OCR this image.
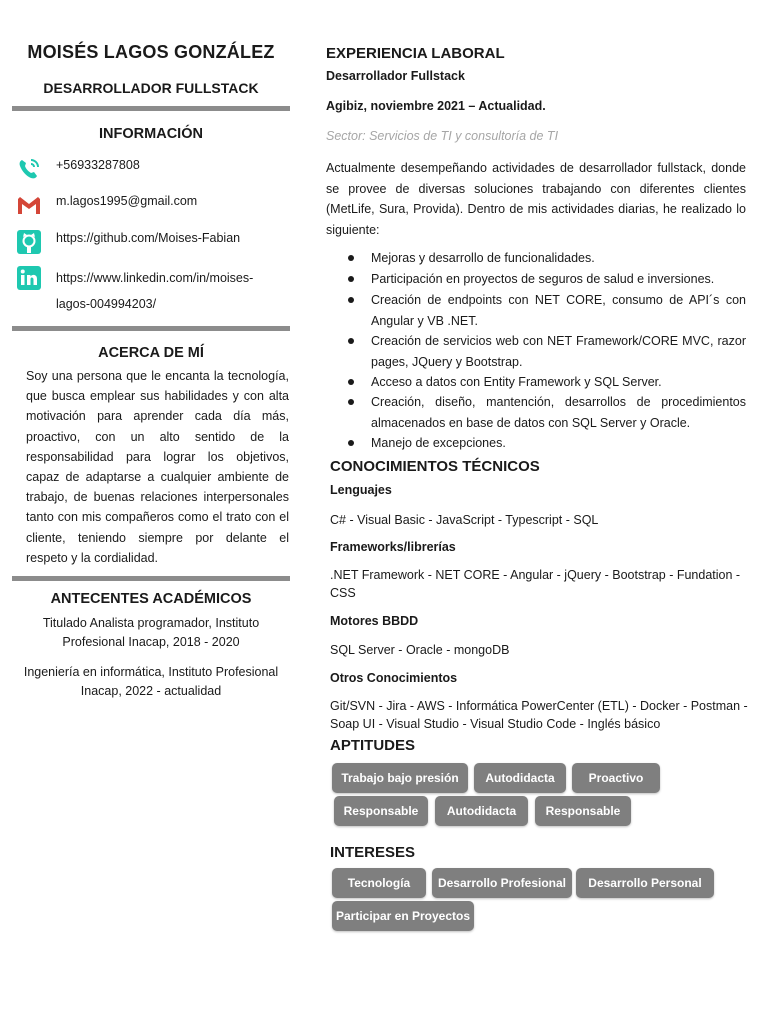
MOISÉS LAGOS GONZÁLEZ
DESARROLLADOR FULLSTACK
INFORMACIÓN
+56933287808
m.lagos1995@gmail.com
https://github.com/Moises-Fabian
https://www.linkedin.com/in/moises-
lagos-004994203/
ACERCA DE MÍ
Soy una persona que le encanta la tecnología, que busca emplear sus habilidades y con alta motivación para aprender cada día más, proactivo, con un alto sentido de la responsabilidad para lograr los objetivos, capaz de adaptarse a cualquier ambiente de trabajo, de buenas relaciones interpersonales tanto con mis compañeros como el trato con el cliente, teniendo siempre por delante el respeto y la cordialidad.
ANTECENTES ACADÉMICOS
Titulado Analista programador, Instituto
Profesional Inacap, 2018 - 2020
Ingeniería en informática, Instituto Profesional
Inacap, 2022 - actualidad
EXPERIENCIA LABORAL
Desarrollador Fullstack
Agibiz, noviembre 2021 – Actualidad.
Sector: Servicios de TI y consultoría de TI
Actualmente desempeñando actividades de desarrollador fullstack, donde se provee de diversas soluciones trabajando con diferentes clientes (MetLife, Sura, Provida). Dentro de mis actividades diarias, he realizado lo siguiente:
Mejoras y desarrollo de funcionalidades.
Participación en proyectos de seguros de salud e inversiones.
Creación de endpoints con NET CORE, consumo de API´s con Angular y VB .NET.
Creación de servicios web con NET Framework/CORE MVC, razor pages, JQuery y Bootstrap.
Acceso a datos con Entity Framework y SQL Server.
Creación, diseño, mantención, desarrollos de procedimientos almacenados en base de datos con SQL Server y Oracle.
Manejo de excepciones.
CONOCIMIENTOS TÉCNICOS
Lenguajes
C# - Visual Basic - JavaScript - Typescript - SQL
Frameworks/librerías
.NET Framework - NET CORE - Angular - jQuery - Bootstrap - Fundation - CSS
Motores BBDD
SQL Server - Oracle - mongoDB
Otros Conocimientos
Git/SVN - Jira - AWS - Informática PowerCenter (ETL) - Docker - Postman - Soap UI - Visual Studio - Visual Studio Code - Inglés básico
APTITUDES
Trabajo bajo presión	Autodidacta	Proactivo
Responsable	Autodidacta	Responsable
INTERESES
Tecnología	Desarrollo Profesional	Desarrollo Personal
Participar en Proyectos
